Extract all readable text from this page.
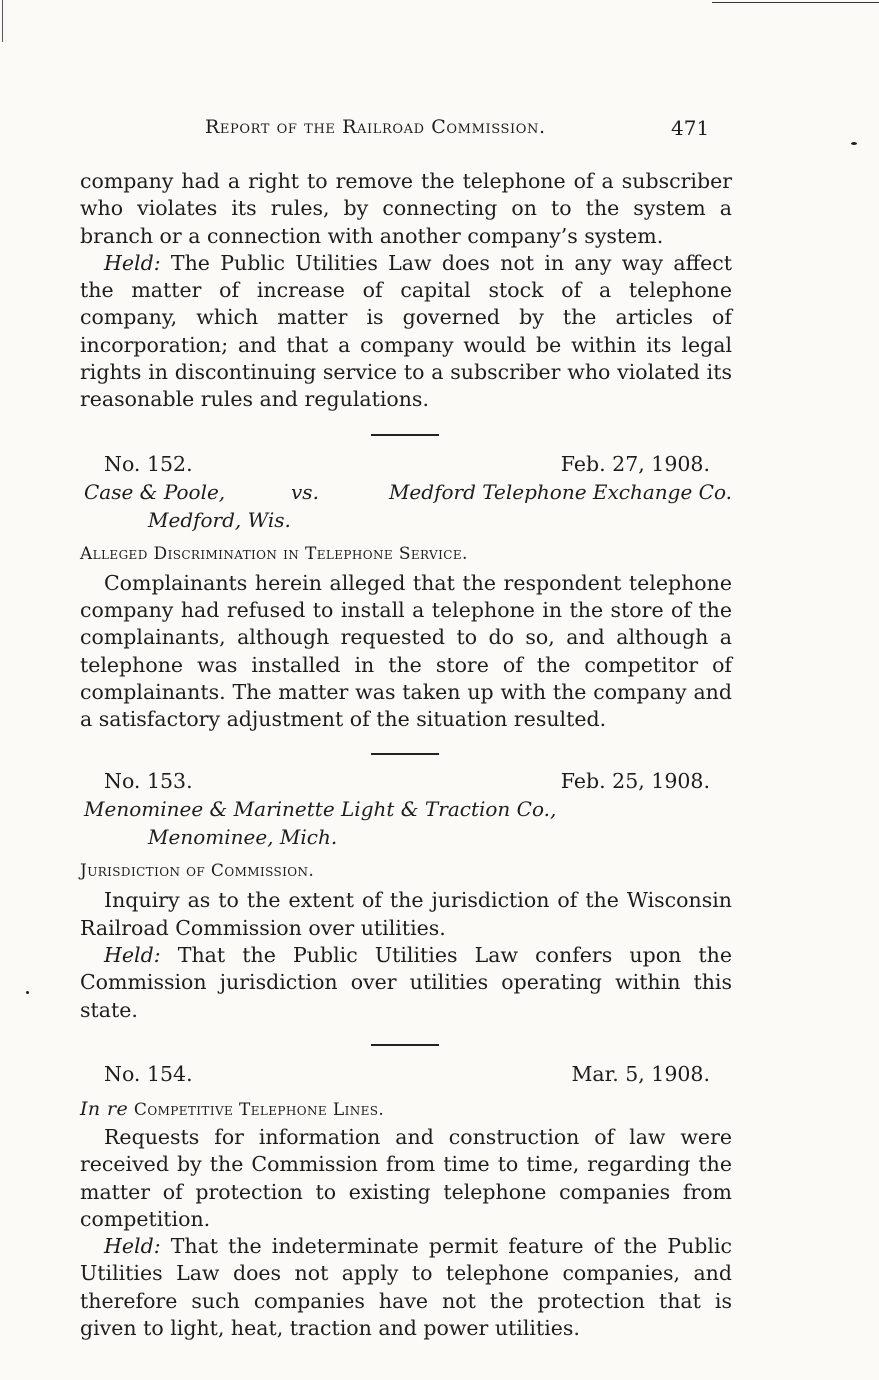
Report of the Railroad Commission.	471

company had a right to remove the telephone of a subscriber who violates its rules, by connecting on to the system a branch or a connection with another company’s system.

Held: The Public Utilities Law does not in any way affect the matter of increase of capital stock of a telephone company, which matter is governed by the articles of incorporation; and that a company would be within its legal rights in discontinuing service to a subscriber who violated its reasonable rules and regulations.

No. 152.	Feb. 27, 1908.
Case & Poole,	vs.	Medford Telephone Exchange Co.
Medford, Wis.
Alleged Discrimination in Telephone Service.

Complainants herein alleged that the respondent telephone company had refused to install a telephone in the store of the complainants, although requested to do so, and although a telephone was installed in the store of the competitor of complainants. The matter was taken up with the company and a satisfactory adjustment of the situation resulted.

No. 153.	Feb. 25, 1908.
Menominee & Marinette Light & Traction Co.,
Menominee, Mich.
Jurisdiction of Commission.

Inquiry as to the extent of the jurisdiction of the Wisconsin Railroad Commission over utilities.

Held: That the Public Utilities Law confers upon the Commission jurisdiction over utilities operating within this state.

No. 154.	Mar. 5, 1908.
In re Competitive Telephone Lines.

Requests for information and construction of law were received by the Commission from time to time, regarding the matter of protection to existing telephone companies from competition.

Held: That the indeterminate permit feature of the Public Utilities Law does not apply to telephone companies, and therefore such companies have not the protection that is given to light, heat, traction and power utilities.
